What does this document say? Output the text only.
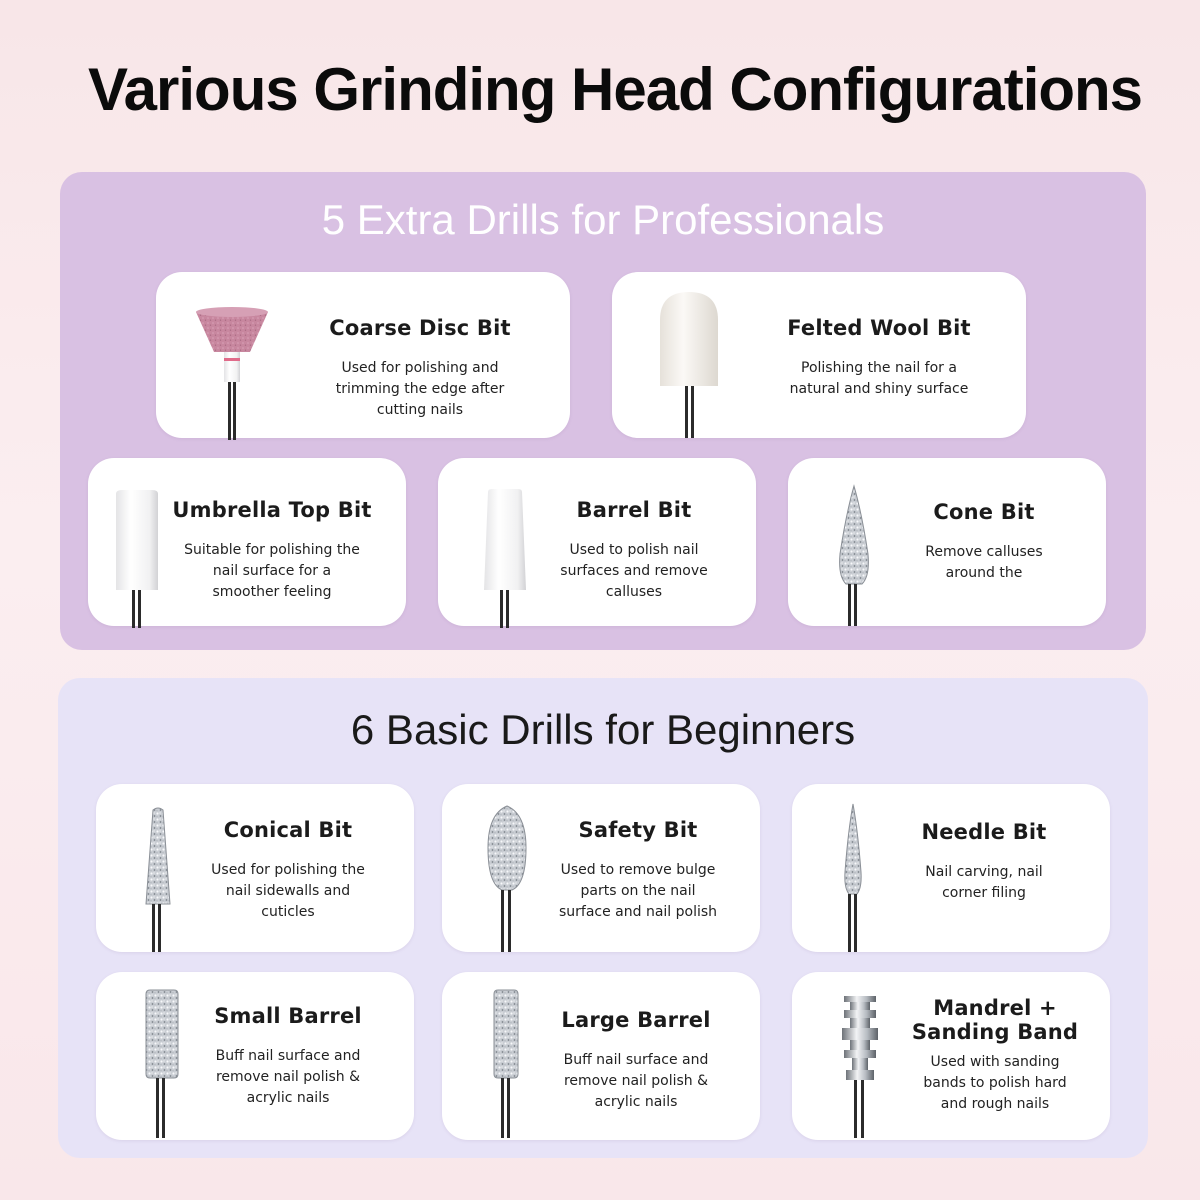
Various Grinding Head Configurations
5 Extra Drills for Professionals
Coarse Disc Bit
Used for polishing and
trimming the edge after
cutting nails
Felted Wool Bit
Polishing the nail for a
natural and shiny surface
Umbrella Top Bit
Suitable for polishing the
nail surface for a
smoother feeling
Barrel Bit
Used to polish nail
surfaces and remove
calluses
Cone Bit
Remove calluses
around the
6 Basic Drills for Beginners
Conical Bit
Used for polishing the
nail sidewalls and
cuticles
Safety Bit
Used to remove bulge
parts on the nail
surface and nail polish
Needle Bit
Nail carving, nail
corner filing
Small Barrel
Buff nail surface and
remove nail polish &
acrylic nails
Large Barrel
Buff nail surface and
remove nail polish &
acrylic nails
Mandrel +
Sanding Band
Used with sanding
bands to polish hard
and rough nails
